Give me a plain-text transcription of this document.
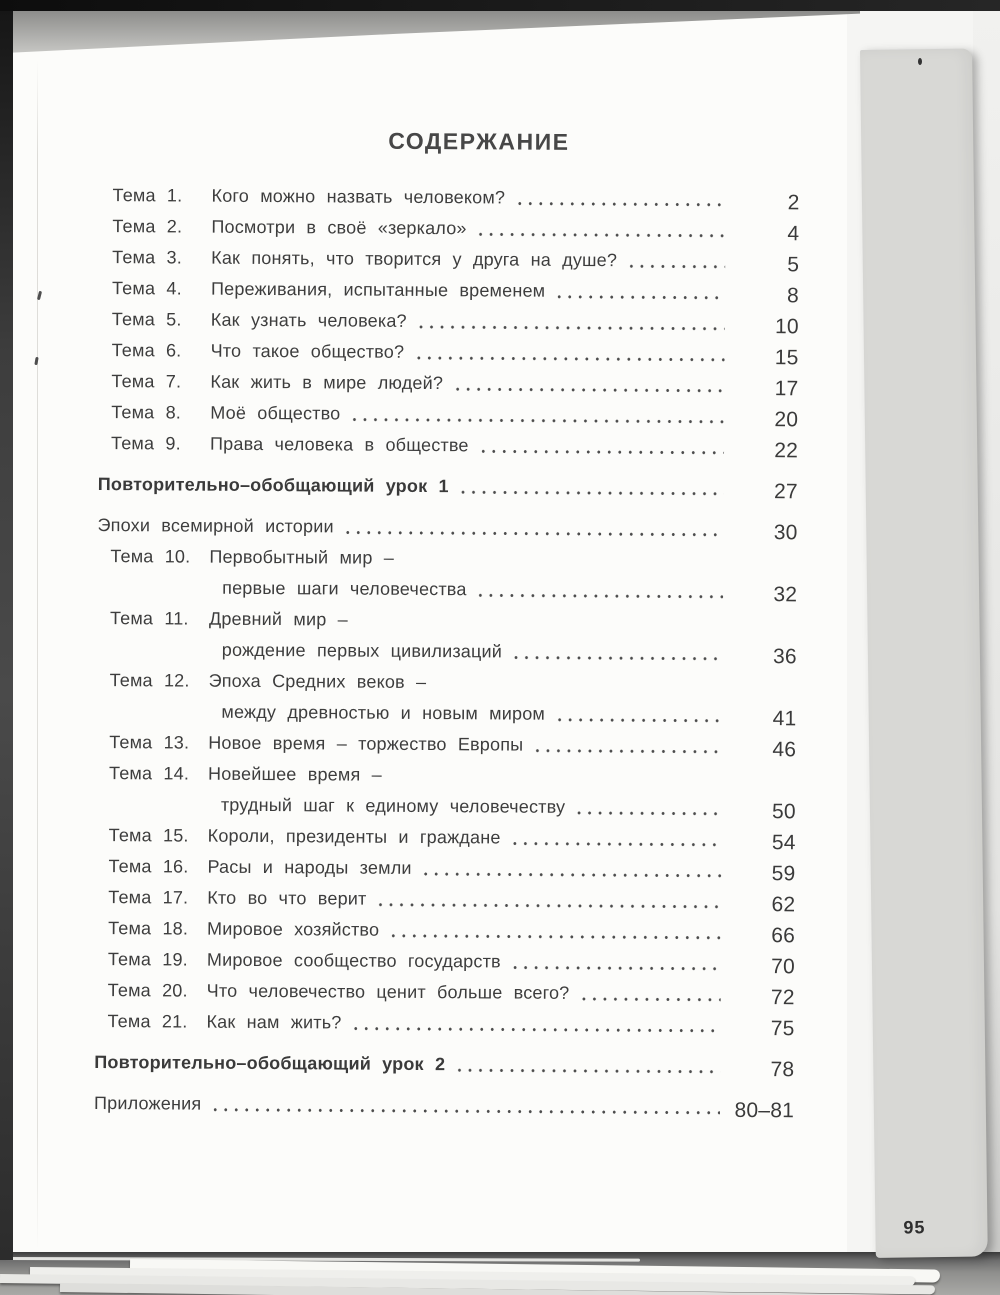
95
СОДЕРЖАНИЕ
Тема 1.	Кого можно назвать человеком?	2
Тема 2.	Посмотри в своё «зеркало»	4
Тема 3.	Как понять, что творится у друга на душе?	5
Тема 4.	Переживания, испытанные временем	8
Тема 5.	Как узнать человека?	10
Тема 6.	Что такое общество?	15
Тема 7.	Как жить в мире людей?	17
Тема 8.	Моё общество	20
Тема 9.	Права человека в обществе	22
Повторительно–обобщающий урок 1	27
Эпохи всемирной истории	30
Тема 10.	Первобытный мир –
первые шаги человечества	32
Тема 11.	Древний мир –
рождение первых цивилизаций	36
Тема 12.	Эпоха Средних веков –
между древностью и новым миром	41
Тема 13.	Новое время – торжество Европы	46
Тема 14.	Новейшее время –
трудный шаг к единому человечеству	50
Тема 15.	Короли, президенты и граждане	54
Тема 16.	Расы и народы земли	59
Тема 17.	Кто во что верит	62
Тема 18.	Мировое хозяйство	66
Тема 19.	Мировое сообщество государств	70
Тема 20.	Что человечество ценит больше всего?	72
Тема 21.	Как нам жить?	75
Повторительно–обобщающий урок 2	78
Приложения	80–81
